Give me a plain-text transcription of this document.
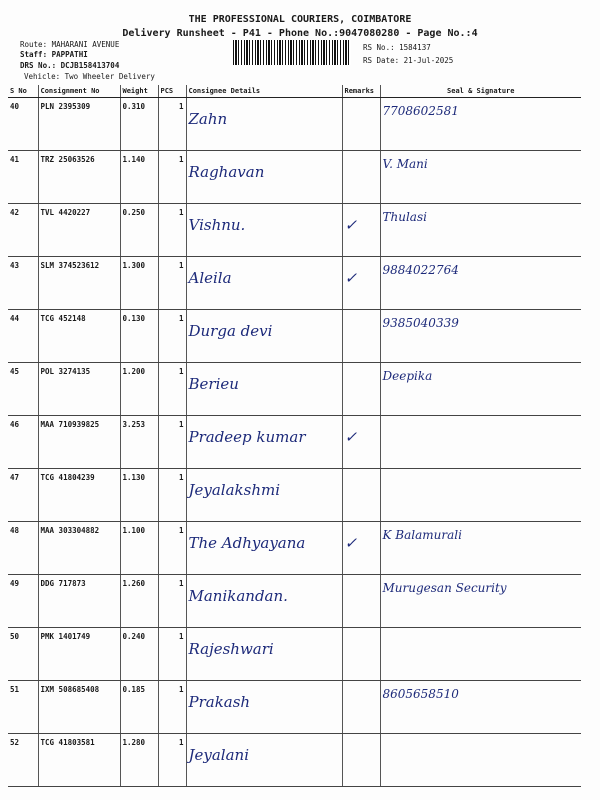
THE PROFESSIONAL COURIERS, COIMBATORE
Delivery Runsheet - P41 - Phone No.:9047080280 - Page No.:4
Route: MAHARANI AVENUE
Staff: PAPPATHI
DRS No.: DCJB158413704
Vehicle: Two Wheeler Delivery
RS No.: 1584137
RS Date: 21-Jul-2025
S No	Consignment No	Weight	PCS	Consignee Details	Remarks	Seal & Signature
40	PLN 2395309	0.310	1	Zahn		7708602581
41	TRZ 25063526	1.140	1	Raghavan		V. Mani
42	TVL 4420227	0.250	1	Vishnu.	✓	Thulasi
43	SLM 374523612	1.300	1	Aleila	✓	9884022764
44	TCG 452148	0.130	1	Durga devi		9385040339
45	POL 3274135	1.200	1	Berieu		Deepika
46	MAA 710939825	3.253	1	Pradeep kumar	✓	
47	TCG 41804239	1.130	1	Jeyalakshmi		
48	MAA 303304882	1.100	1	The Adhyayana	✓	K Balamurali
49	DDG 717873	1.260	1	Manikandan.		Murugesan Security
50	PMK 1401749	0.240	1	Rajeshwari		
51	IXM 508685408	0.185	1	Prakash		8605658510
52	TCG 41803581	1.280	1	Jeyalani		
